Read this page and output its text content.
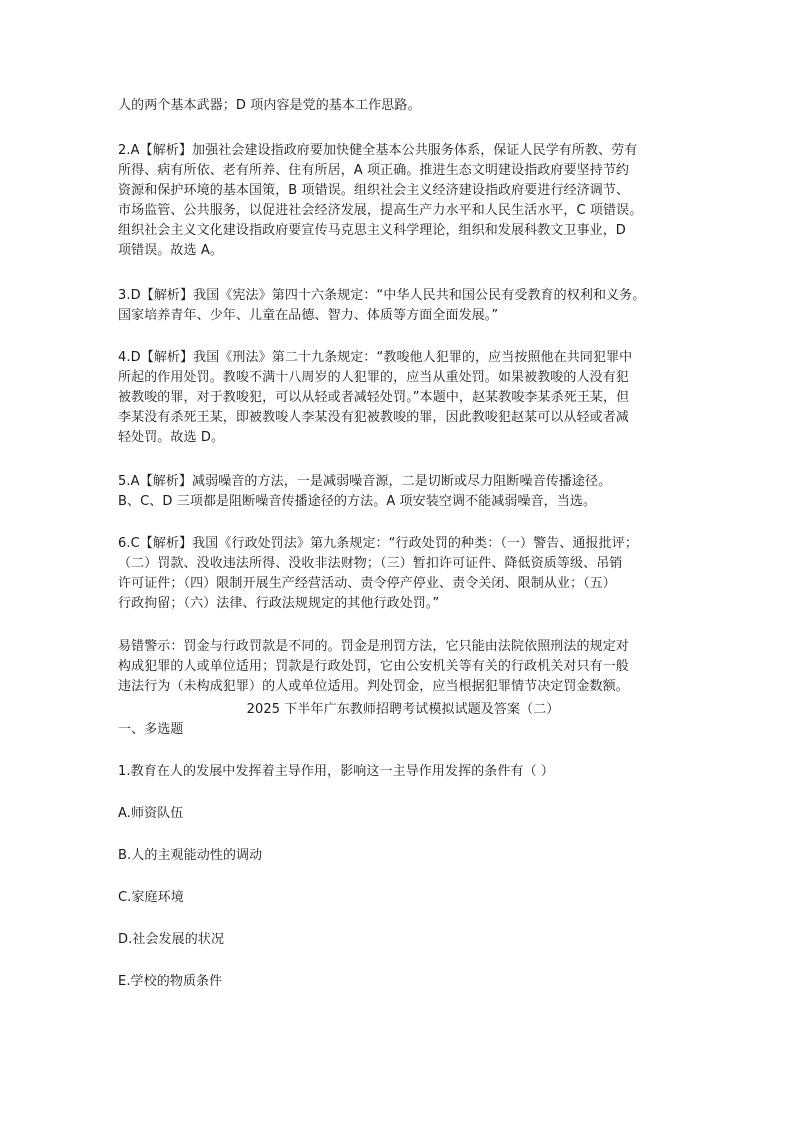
人的两个基本武器；D 项内容是党的基本工作思路。
2.A【解析】加强社会建设指政府要加快健全基本公共服务体系，保证人民学有所教、劳有
所得、病有所依、老有所养、住有所居，A 项正确。推进生态文明建设指政府要坚持节约
资源和保护环境的基本国策，B 项错误。组织社会主义经济建设指政府要进行经济调节、
市场监管、公共服务，以促进社会经济发展，提高生产力水平和人民生活水平，C 项错误。
组织社会主义文化建设指政府要宣传马克思主义科学理论，组织和发展科教文卫事业，D
项错误。故选 A。
3.D【解析】我国《宪法》第四十六条规定：“中华人民共和国公民有受教育的权利和义务。
国家培养青年、少年、儿童在品德、智力、体质等方面全面发展。”
4.D【解析】我国《刑法》第二十九条规定：“教唆他人犯罪的，应当按照他在共同犯罪中
所起的作用处罚。教唆不满十八周岁的人犯罪的，应当从重处罚。如果被教唆的人没有犯
被教唆的罪，对于教唆犯，可以从轻或者减轻处罚。”本题中，赵某教唆李某杀死王某，但
李某没有杀死王某，即被教唆人李某没有犯被教唆的罪，因此教唆犯赵某可以从轻或者减
轻处罚。故选 D。
5.A【解析】减弱噪音的方法，一是减弱噪音源，二是切断或尽力阻断噪音传播途径。
B、C、D 三项都是阻断噪音传播途径的方法。A 项安装空调不能减弱噪音，当选。
6.C【解析】我国《行政处罚法》第九条规定：“行政处罚的种类：（一）警告、通报批评；
（二）罚款、没收违法所得、没收非法财物；（三）暂扣许可证件、降低资质等级、吊销
许可证件；（四）限制开展生产经营活动、责令停产停业、责令关闭、限制从业；（五）
行政拘留；（六）法律、行政法规规定的其他行政处罚。”
易错警示：罚金与行政罚款是不同的。罚金是刑罚方法，它只能由法院依照刑法的规定对
构成犯罪的人或单位适用；罚款是行政处罚，它由公安机关等有关的行政机关对只有一般
违法行为（未构成犯罪）的人或单位适用。判处罚金，应当根据犯罪情节决定罚金数额。
2025 下半年广东教师招聘考试模拟试题及答案（二）
一、多选题
1.教育在人的发展中发挥着主导作用，影响这一主导作用发挥的条件有（ ）
A.师资队伍
B.人的主观能动性的调动
C.家庭环境
D.社会发展的状况
E.学校的物质条件
